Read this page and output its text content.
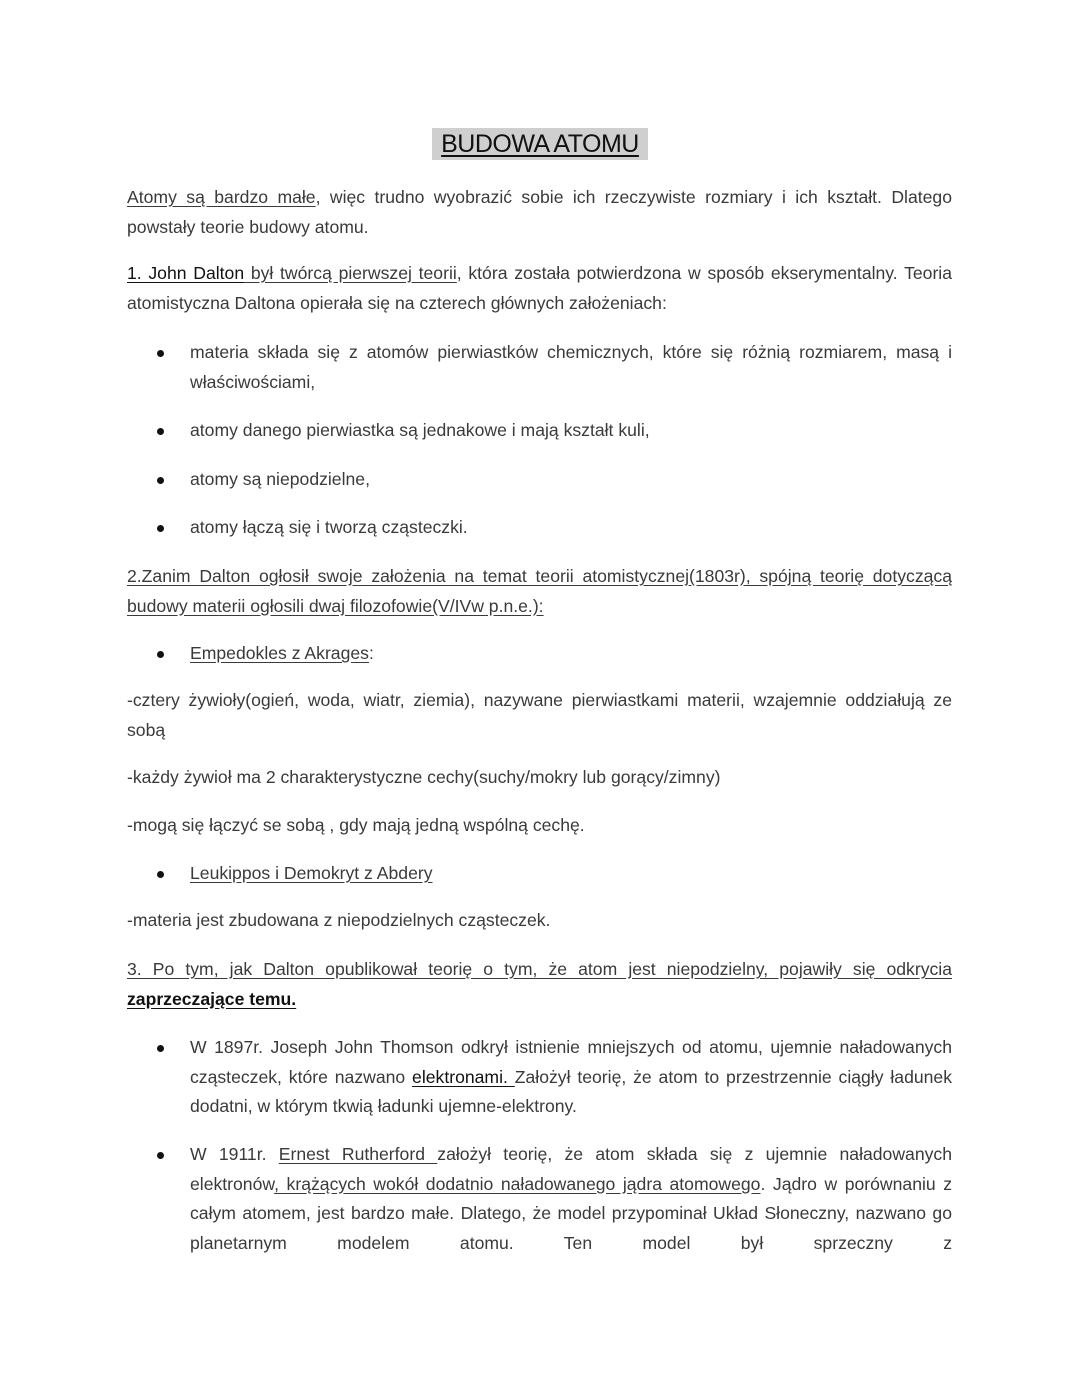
BUDOWA ATOMU

Atomy są bardzo małe, więc trudno wyobrazić sobie ich rzeczywiste rozmiary i ich kształt. Dlatego powstały teorie budowy atomu.

1. John Dalton był twórcą pierwszej teorii, która została potwierdzona w sposób ekserymentalny. Teoria atomistyczna Daltona opierała się na czterech głównych założeniach:

materia składa się z atomów pierwiastków chemicznych, które się różnią rozmiarem, masą i właściwościami,

atomy danego pierwiastka są jednakowe i mają kształt kuli,

atomy są niepodzielne,

atomy łączą się i tworzą cząsteczki.

2.Zanim Dalton ogłosił swoje założenia na temat teorii atomistycznej(1803r), spójną teorię dotyczącą budowy materii ogłosili dwaj filozofowie(V/IVw p.n.e.):

Empedokles z Akrages:

-cztery żywioły(ogień, woda, wiatr, ziemia), nazywane pierwiastkami materii, wzajemnie oddziałują ze sobą

-każdy żywioł ma 2 charakterystyczne cechy(suchy/mokry lub gorący/zimny)

-mogą się łączyć se sobą , gdy mają jedną wspólną cechę.

Leukippos i Demokryt z Abdery

-materia jest zbudowana z niepodzielnych cząsteczek.

3. Po tym, jak Dalton opublikował teorię o tym, że atom jest niepodzielny, pojawiły się odkrycia zaprzeczające temu.

W 1897r. Joseph John Thomson odkrył istnienie mniejszych od atomu, ujemnie naładowanych cząsteczek, które nazwano elektronami. Założył teorię, że atom to przestrzennie ciągły ładunek dodatni, w którym tkwią ładunki ujemne-elektrony.

W 1911r. Ernest Rutherford założył teorię, że atom składa się z ujemnie naładowanych elektronów, krążących wokół dodatnio naładowanego jądra atomowego. Jądro w porównaniu z całym atomem, jest bardzo małe. Dlatego, że model przypominał Układ Słoneczny, nazwano go planetarnym modelem atomu. Ten model był sprzeczny z
